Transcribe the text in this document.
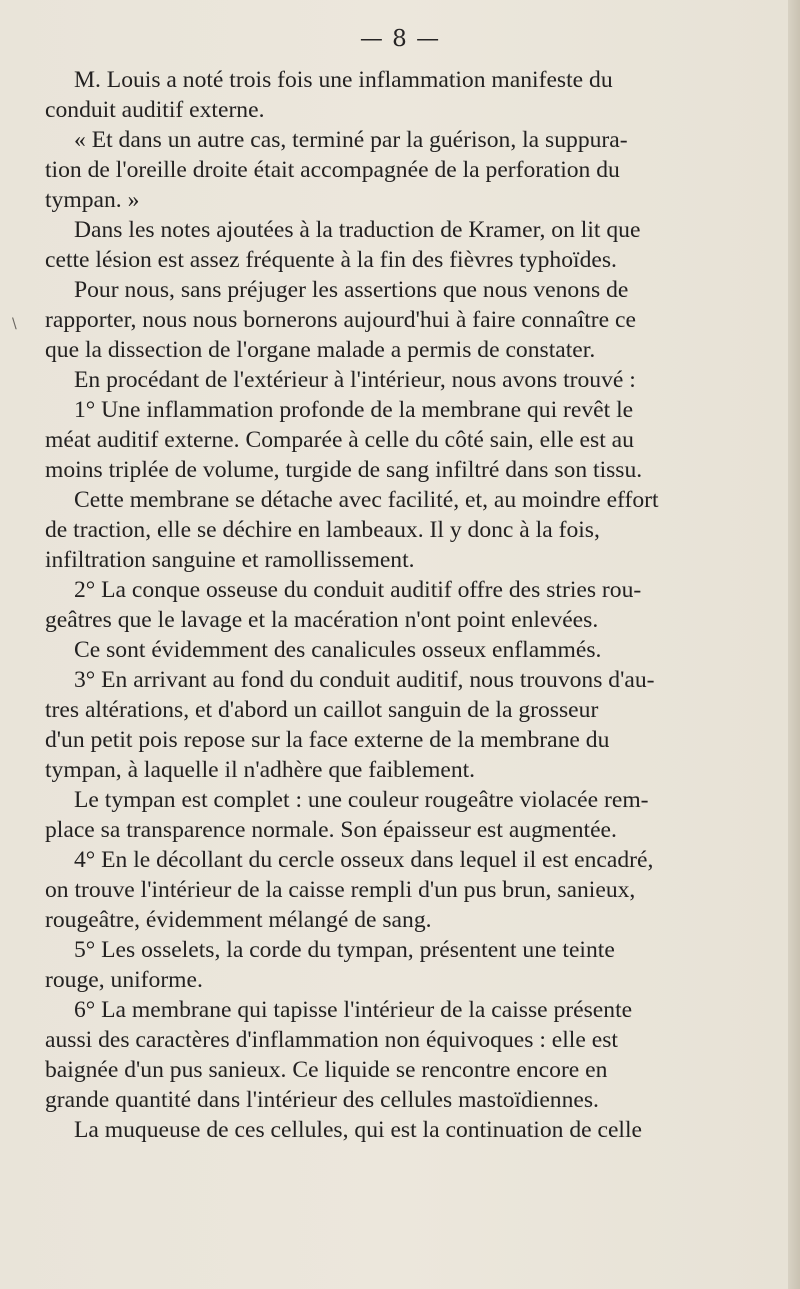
— 8 —
\
M. Louis a noté trois fois une inflammation manifeste du
conduit auditif externe.
« Et dans un autre cas, terminé par la guérison, la suppura-
tion de l'oreille droite était accompagnée de la perforation du
tympan. »
Dans les notes ajoutées à la traduction de Kramer, on lit que
cette lésion est assez fréquente à la fin des fièvres typhoïdes.
Pour nous, sans préjuger les assertions que nous venons de
rapporter, nous nous bornerons aujourd'hui à faire connaître ce
que la dissection de l'organe malade a permis de constater.
En procédant de l'extérieur à l'intérieur, nous avons trouvé :
1° Une inflammation profonde de la membrane qui revêt le
méat auditif externe. Comparée à celle du côté sain, elle est au
moins triplée de volume, turgide de sang infiltré dans son tissu.
Cette membrane se détache avec facilité, et, au moindre effort
de traction, elle se déchire en lambeaux. Il y donc à la fois,
infiltration sanguine et ramollissement.
2° La conque osseuse du conduit auditif offre des stries rou-
geâtres que le lavage et la macération n'ont point enlevées.
Ce sont évidemment des canalicules osseux enflammés.
3° En arrivant au fond du conduit auditif, nous trouvons d'au-
tres altérations, et d'abord un caillot sanguin de la grosseur
d'un petit pois repose sur la face externe de la membrane du
tympan, à laquelle il n'adhère que faiblement.
Le tympan est complet : une couleur rougeâtre violacée rem-
place sa transparence normale. Son épaisseur est augmentée.
4° En le décollant du cercle osseux dans lequel il est encadré,
on trouve l'intérieur de la caisse rempli d'un pus brun, sanieux,
rougeâtre, évidemment mélangé de sang.
5° Les osselets, la corde du tympan, présentent une teinte
rouge, uniforme.
6° La membrane qui tapisse l'intérieur de la caisse présente
aussi des caractères d'inflammation non équivoques : elle est
baignée d'un pus sanieux. Ce liquide se rencontre encore en
grande quantité dans l'intérieur des cellules mastoïdiennes.
La muqueuse de ces cellules, qui est la continuation de celle
